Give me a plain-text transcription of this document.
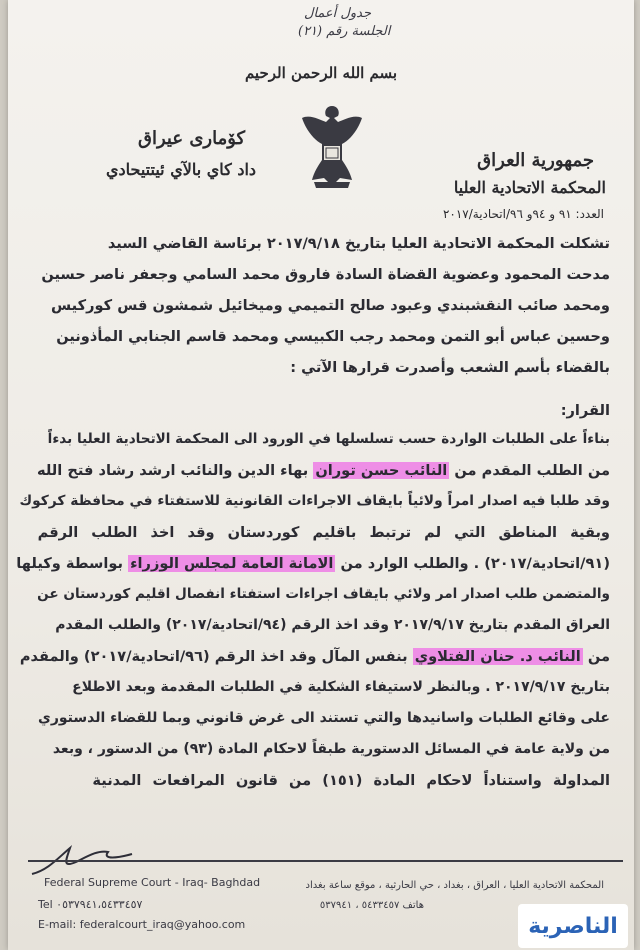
جدول أعمال
الجلسة رقم (٢١)
بسم الله الرحمن الرحيم
جمهورية العراق
المحكمة الاتحادية العليا
كۆماری عیراق
داد كاي بالآي ئيتتيحادي
العدد: ٩١ و ٩٤و ٩٦/اتحادية/٢٠١٧
تشكلت المحكمة الاتحادية العليا بتاريخ ٢٠١٧/٩/١٨ برئاسة القاضي السيد
مدحت المحمود وعضوية القضاة السادة فاروق محمد السامي وجعفر ناصر حسين
ومحمد صائب النقشبندي وعبود صالح التميمي وميخائيل شمشون قس كوركيس
وحسين عباس أبو التمن ومحمد رجب الكبيسي ومحمد قاسم الجنابي المأذونين
بالقضاء بأسم الشعب وأصدرت قرارها الآتي :
القرار:
بناءاً على الطلبات الواردة حسب تسلسلها في الورود الى المحكمة الاتحادية العليا بدءاً
من الطلب المقدم من النائب حسن توران بهاء الدين والنائب ارشد رشاد فتح الله
وقد طلبا فيه اصدار امراً ولائياً بايقاف الاجراءات القانونية للاستفتاء في محافظة كركوك
وبقية المناطق التي لم ترتبط باقليم كوردستان وقد اخذ الطلب الرقم
(٩١/اتحادية/٢٠١٧) . والطلب الوارد من الامانة العامة لمجلس الوزراء بواسطة وكيلها
والمتضمن طلب اصدار امر ولائي بايقاف اجراءات استفتاء انفصال اقليم كوردستان عن
العراق المقدم بتاريخ ٢٠١٧/٩/١٧ وقد اخذ الرقم (٩٤/اتحادية/٢٠١٧) والطلب المقدم
من النائب د. حنان الفتلاوي بنفس المآل وقد اخذ الرقم (٩٦/اتحادية/٢٠١٧) والمقدم
بتاريخ ٢٠١٧/٩/١٧ . وبالنظر لاستيفاء الشكلية في الطلبات المقدمة وبعد الاطلاع
على وقائع الطلبات واسانيدها والتي تستند الى غرض قانوني وبما للقضاء الدستوري
من ولاية عامة في المسائل الدستورية طبقاً لاحكام المادة (٩٣) من الدستور ، وبعد
المداولة واستناداً لاحكام المادة (١٥١) من قانون المرافعات المدنية
Federal Supreme Court - Iraq- Baghdad
Tel ٠٥٣٧٩٤١،٥٤٣٣٤٥٧
E-mail: federalcourt_iraq@yahoo.com
المحكمة الاتحادية العليا ، العراق ، بغداد ، حي الحارثية ، موقع ساعة بغداد
هاتف ٥٤٣٣٤٥٧ ، ٥٣٧٩٤١
الناصرية
